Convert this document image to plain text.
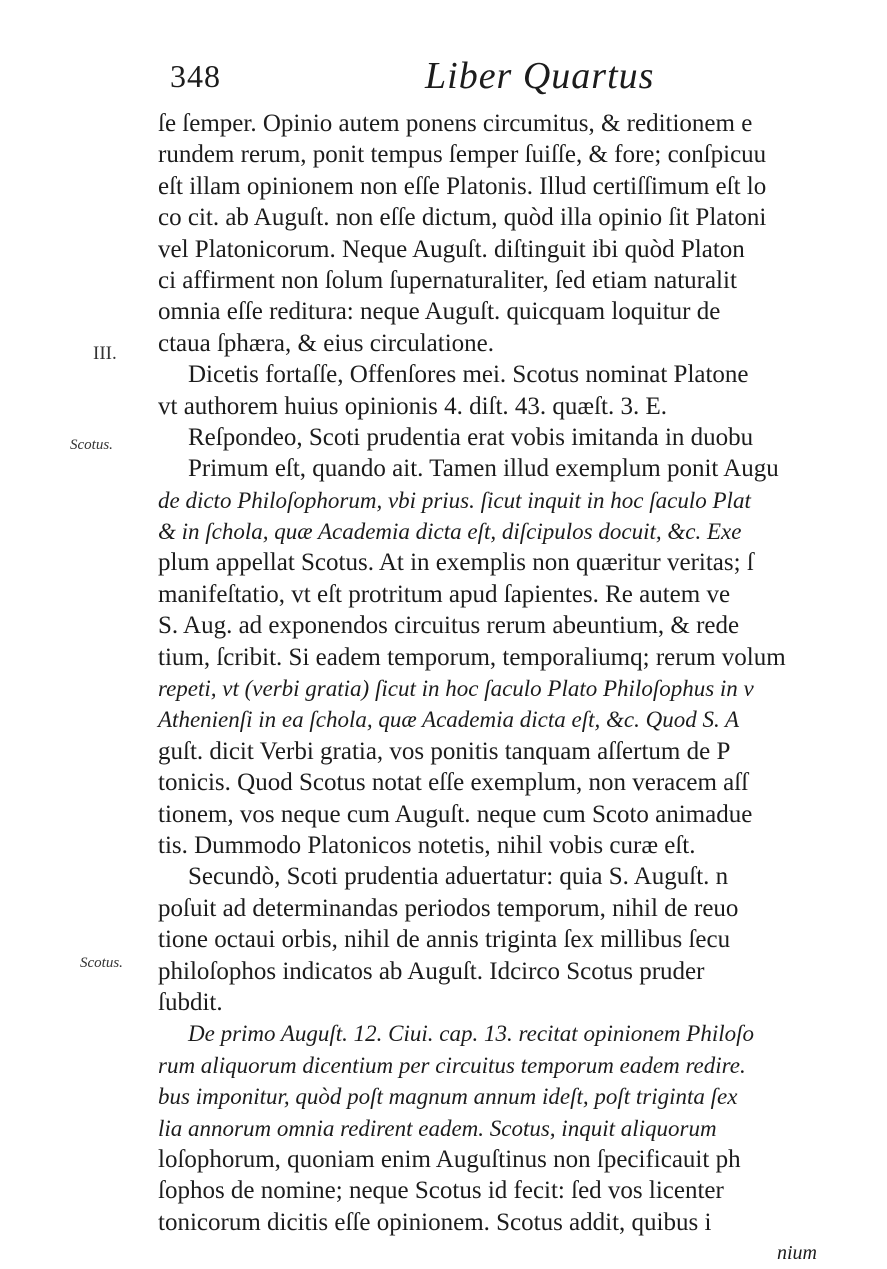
348	Liber Quartus
III.
Scotus.
Scotus.
ſe ſemper. Opinio autem ponens circumitus, & reditionem e
rundem rerum, ponit tempus ſemper ſuiſſe, & fore; conſpicuu
eſt illam opinionem non eſſe Platonis. Illud certiſſimum eſt lo
co cit. ab Auguſt. non eſſe dictum, quòd illa opinio ſit Platoni
vel Platonicorum. Neque Auguſt. diſtinguit ibi quòd Platon
ci affirment non ſolum ſupernaturaliter, ſed etiam naturalit
omnia eſſe reditura: neque Auguſt. quicquam loquitur de
ctaua ſphæra, & eius circulatione.
Dicetis fortaſſe, Offenſores mei. Scotus nominat Platone
vt authorem huius opinionis 4. diſt. 43. quæſt. 3. E.
Reſpondeo, Scoti prudentia erat vobis imitanda in duobu
Primum eſt, quando ait. Tamen illud exemplum ponit Augu
de dicto Philoſophorum, vbi prius. ſicut inquit in hoc ſaculo Plat
& in ſchola, quæ Academia dicta eſt, diſcipulos docuit, &c. Exe
plum appellat Scotus. At in exemplis non quæritur veritas; ſ
manifeſtatio, vt eſt protritum apud ſapientes. Re autem ve
S. Aug. ad exponendos circuitus rerum abeuntium, & rede
tium, ſcribit. Si eadem temporum, temporaliumq; rerum volum
repeti, vt (verbi gratia) ſicut in hoc ſaculo Plato Philoſophus in v
Athenienſi in ea ſchola, quæ Academia dicta eſt, &c. Quod S. A
guſt. dicit Verbi gratia, vos ponitis tanquam aſſertum de P
tonicis. Quod Scotus notat eſſe exemplum, non veracem aſſ
tionem, vos neque cum Auguſt. neque cum Scoto animadue
tis. Dummodo Platonicos notetis, nihil vobis curæ eſt.
Secundò, Scoti prudentia aduertatur: quia S. Auguſt. n
poſuit ad determinandas periodos temporum, nihil de reuo
tione octaui orbis, nihil de annis triginta ſex millibus ſecu
philoſophos indicatos ab Auguſt. Idcirco Scotus pruder
ſubdit.
De primo Auguſt. 12. Ciui. cap. 13. recitat opinionem Philoſo
rum aliquorum dicentium per circuitus temporum eadem redire.
bus imponitur, quòd poſt magnum annum ideſt, poſt triginta ſex
lia annorum omnia redirent eadem. Scotus, inquit aliquorum
loſophorum, quoniam enim Auguſtinus non ſpecificauit ph
ſophos de nomine; neque Scotus id fecit: ſed vos licenter
tonicorum dicitis eſſe opinionem. Scotus addit, quibus i
nium
